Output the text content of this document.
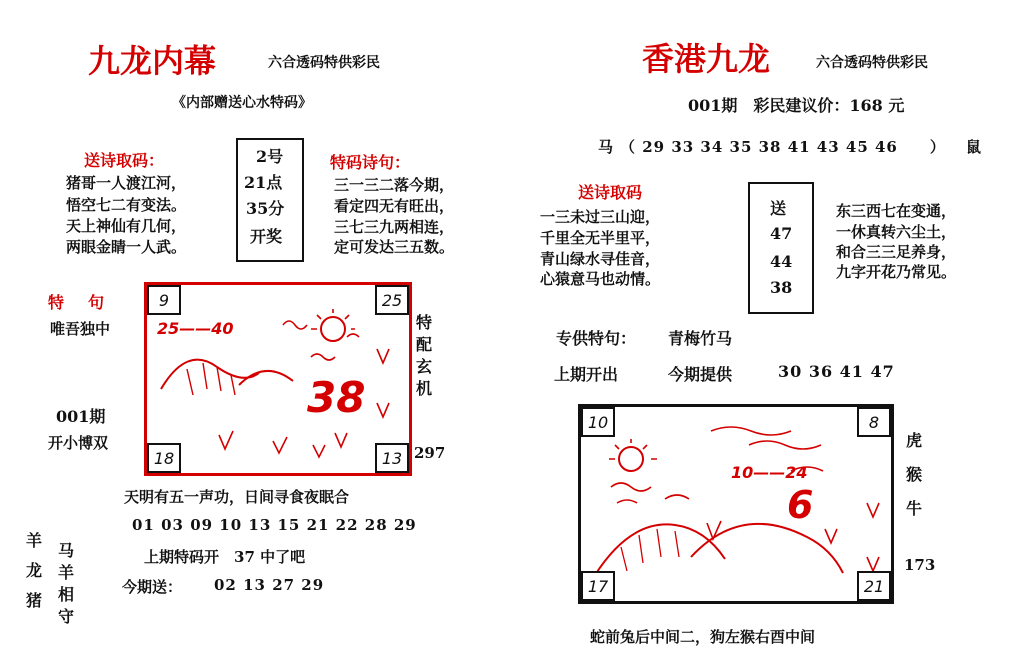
九龙内幕	六合透码特供彩民
《内部赠送心水特码》
送诗取码：
猪哥一人渡江河，
悟空七二有变法。
天上神仙有几何，
两眼金睛一人武。
2号
21点
35分
开奖
特码诗句：
三一三二落今期，
看定四无有旺出，
三七三九两相连，
定可发达三五数。
特　句
唯吾独中
001期
开小博双
25——40
38
9	25
18	13
特
配
玄
机
297
天明有五一声功，日间寻食夜眠合
01 03 09 10 13 15 21 22 28 29
上期特码开　37 中了吧
今期送： 02 13 27 29
羊
龙
猪
马
羊
相
守
香港九龙	六合透码特供彩民
001期　彩民建议价：168 元
马 （ 29 33 34 35 38 41 43 45 46　　） 鼠
送诗取码
一三未过三山迎，
千里全无半里平，
青山绿水寻佳音，
心猿意马也动情。
送
47
44
38
东三西七在变通，
一休真转六尘土，
和合三三足养身，
九字开花乃常见。
专供特句： 青梅竹马
上期开出	今期提供	30 36 41 47
10——24
6
10	8
17	21
虎
猴
牛
173
蛇前兔后中间二，狗左猴右酉中间
